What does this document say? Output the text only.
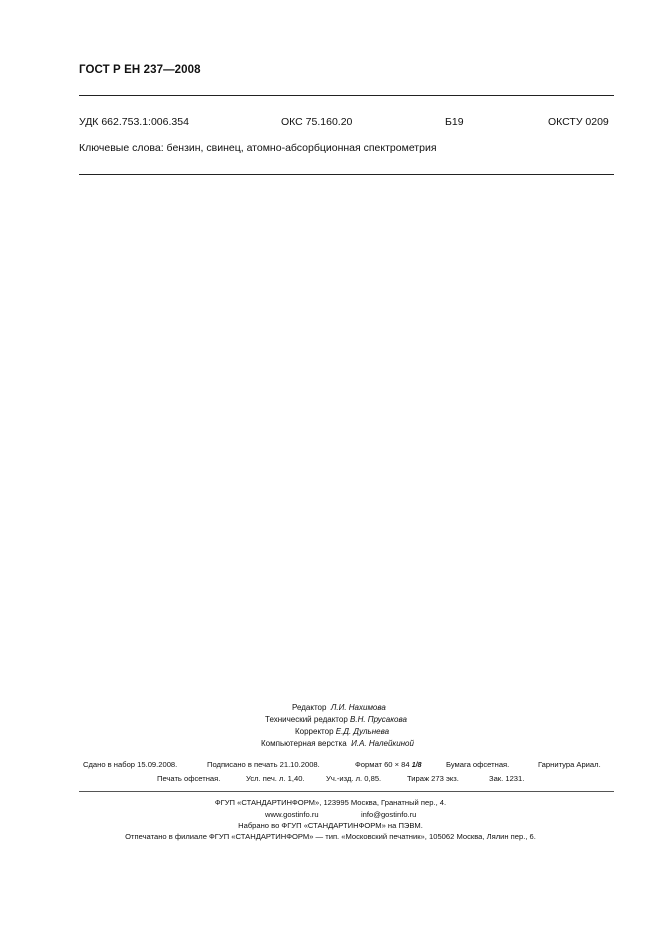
ГОСТ Р ЕН 237—2008
УДК 662.753.1:006.354	ОКС 75.160.20	Б19	ОКСТУ 0209
Ключевые слова: бензин, свинец, атомно-абсорбционная спектрометрия
Редактор Л.И. Нахимова
Технический редактор В.Н. Прусакова
Корректор Е.Д. Дульнева
Компьютерная верстка И.А. Налейкиной
Сдано в набор 15.09.2008.	Подписано в печать 21.10.2008.	Формат 60 × 84 1/8	Бумага офсетная.	Гарнитура Ариал.
Печать офсетная.	Усл. печ. л. 1,40.	Уч.-изд. л. 0,85.	Тираж 273 экз.	Зак. 1231.
ФГУП «СТАНДАРТИНФОРМ», 123995 Москва, Гранатный пер., 4.
www.gostinfo.ru	info@gostinfo.ru
Набрано во ФГУП «СТАНДАРТИНФОРМ» на ПЭВМ.
Отпечатано в филиале ФГУП «СТАНДАРТИНФОРМ» — тип. «Московский печатник», 105062 Москва, Лялин пер., 6.
